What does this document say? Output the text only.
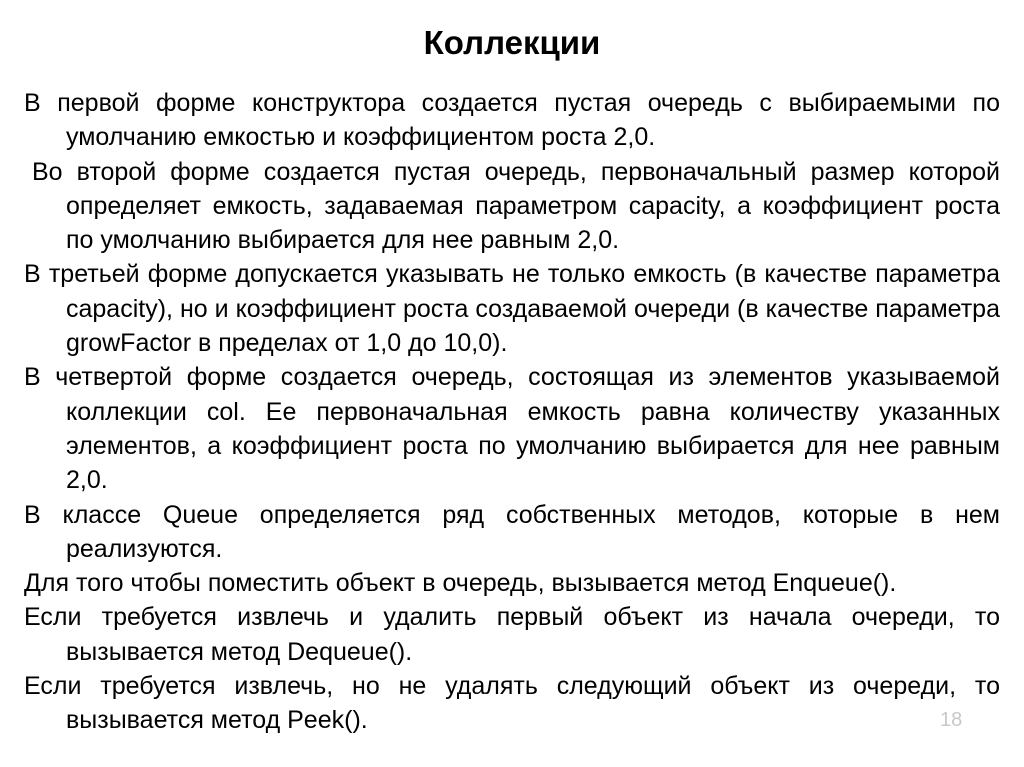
Коллекции

В первой форме конструктора создается пустая очередь с выбираемыми по умолчанию емкостью и коэффициентом роста 2,0.

Во второй форме создается пустая очередь, первоначальный размер которой определяет емкость, задаваемая параметром capacity, а коэффициент роста по умолчанию выбирается для нее равным 2,0.

В третьей форме допускается указывать не только емкость (в качестве параметра capacity), но и коэффициент роста создаваемой очереди (в качестве параметра growFactor в пределах от 1,0 до 10,0).

В четвертой форме создается очередь, состоящая из элементов указываемой коллекции col. Ее первоначальная емкость равна количеству указанных элементов, а коэффициент роста по умолчанию выбирается для нее равным 2,0.

В классе Queue определяется ряд собственных методов, которые в нем реализуются.

Для того чтобы поместить объект в очередь, вызывается метод Enqueue().

Если требуется извлечь и удалить первый объект из начала очереди, то вызывается метод Dequeue().

Если требуется извлечь, но не удалять следующий объект из очереди, то вызывается метод Peek().	18
